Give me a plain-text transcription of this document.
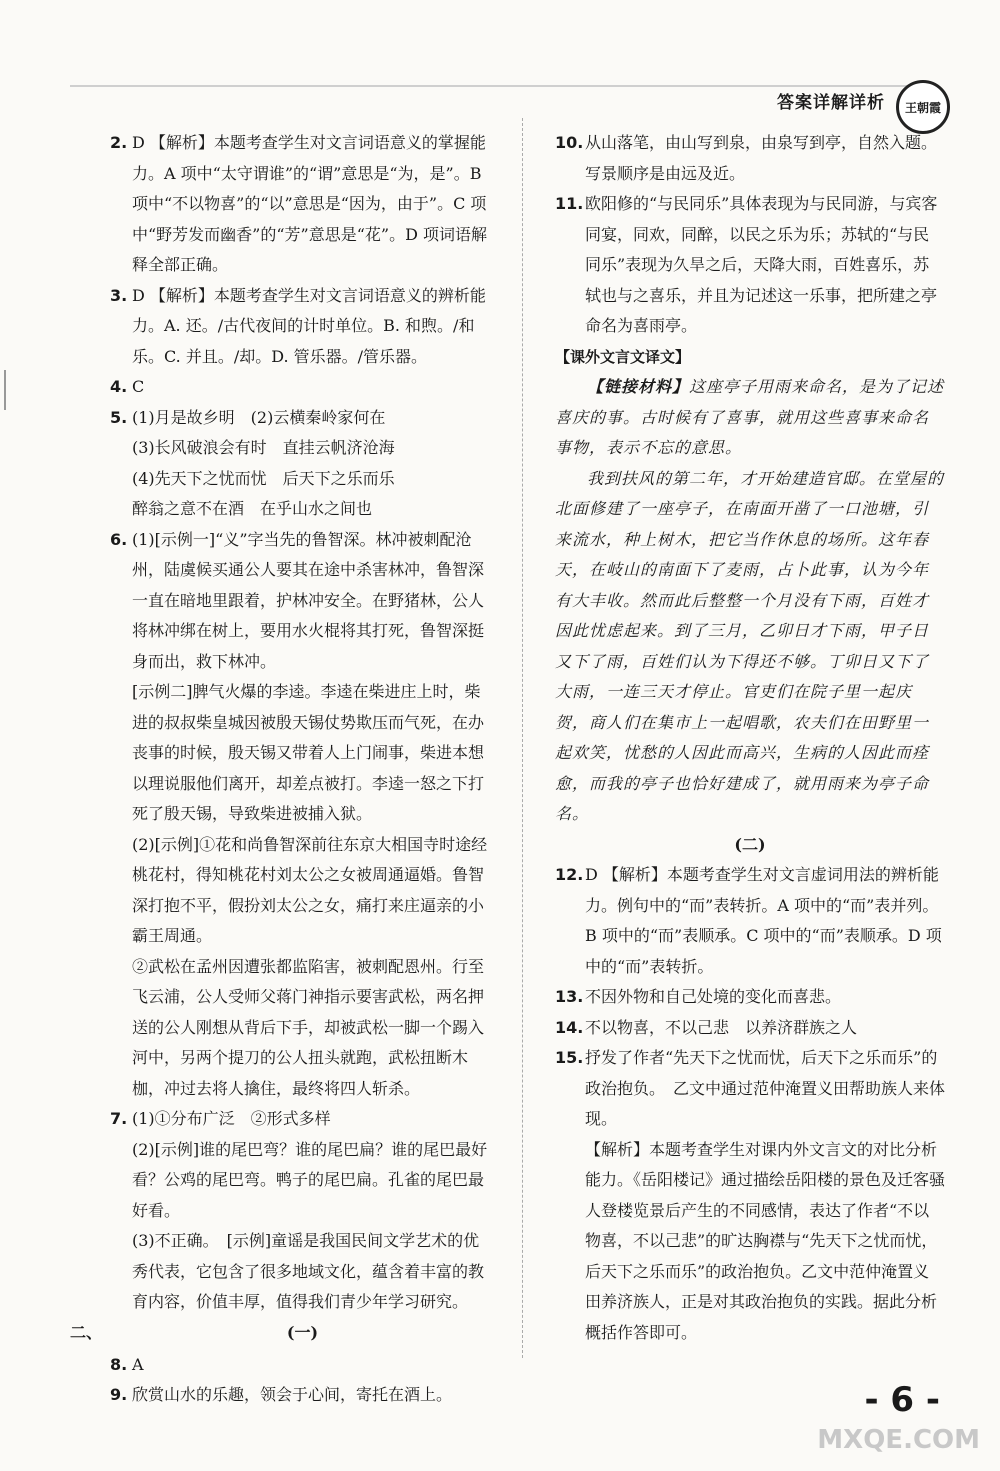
答案详解详析	王朝霞
2. D 【解析】本题考查学生对文言词语意义的掌握能力。A 项中“太守谓谁”的“谓”意思是“为，是”。B 项中“不以物喜”的“以”意思是“因为，由于”。C 项中“野芳发而幽香”的“芳”意思是“花”。D 项词语解释全部正确。
3. D 【解析】本题考查学生对文言词语意义的辨析能力。A. 还。/古代夜间的计时单位。B. 和煦。/和乐。C. 并且。/却。D. 管乐器。/管乐器。
4. C
5. (1)月是故乡明　(2)云横秦岭家何在
(3)长风破浪会有时　直挂云帆济沧海
(4)先天下之忧而忧　后天下之乐而乐
醉翁之意不在酒　在乎山水之间也
6. (1)[示例一]“义”字当先的鲁智深。林冲被刺配沧州，陆虞候买通公人要其在途中杀害林冲，鲁智深一直在暗地里跟着，护林冲安全。在野猪林，公人将林冲绑在树上，要用水火棍将其打死，鲁智深挺身而出，救下林冲。
[示例二]脾气火爆的李逵。李逵在柴进庄上时，柴进的叔叔柴皇城因被殷天锡仗势欺压而气死，在办丧事的时候，殷天锡又带着人上门闹事，柴进本想以理说服他们离开，却差点被打。李逵一怒之下打死了殷天锡，导致柴进被捕入狱。
(2)[示例]①花和尚鲁智深前往东京大相国寺时途经桃花村，得知桃花村刘太公之女被周通逼婚。鲁智深打抱不平，假扮刘太公之女，痛打来庄逼亲的小霸王周通。
②武松在孟州因遭张都监陷害，被刺配恩州。行至飞云浦，公人受师父蒋门神指示要害武松，两名押送的公人刚想从背后下手，却被武松一脚一个踢入河中，另两个提刀的公人扭头就跑，武松扭断木枷，冲过去将人擒住，最终将四人斩杀。
7. (1)①分布广泛　②形式多样
(2)[示例]谁的尾巴弯？谁的尾巴扁？谁的尾巴最好看？公鸡的尾巴弯。鸭子的尾巴扁。孔雀的尾巴最好看。
(3)不正确。　[示例]童谣是我国民间文学艺术的优秀代表，它包含了很多地域文化，蕴含着丰富的教育内容，价值丰厚，值得我们青少年学习研究。
二、	(一)
8. A
9. 欣赏山水的乐趣，领会于心间，寄托在酒上。
10. 从山落笔，由山写到泉，由泉写到亭，自然入题。写景顺序是由远及近。
11. 欧阳修的“与民同乐”具体表现为与民同游，与宾客同宴，同欢，同醉，以民之乐为乐；苏轼的“与民同乐”表现为久旱之后，天降大雨，百姓喜乐，苏轼也与之喜乐，并且为记述这一乐事，把所建之亭命名为喜雨亭。
【课外文言文译文】
【链接材料】这座亭子用雨来命名，是为了记述喜庆的事。古时候有了喜事，就用这些喜事来命名事物，表示不忘的意思。
我到扶风的第二年，才开始建造官邸。在堂屋的北面修建了一座亭子，在南面开凿了一口池塘，引来流水，种上树木，把它当作休息的场所。这年春天，在岐山的南面下了麦雨，占卜此事，认为今年有大丰收。然而此后整整一个月没有下雨，百姓才因此忧虑起来。到了三月，乙卯日才下雨，甲子日又下了雨，百姓们认为下得还不够。丁卯日又下了大雨，一连三天才停止。官吏们在院子里一起庆贺，商人们在集市上一起唱歌，农夫们在田野里一起欢笑，忧愁的人因此而高兴，生病的人因此而痊愈，而我的亭子也恰好建成了，就用雨来为亭子命名。
(二)
12. D 【解析】本题考查学生对文言虚词用法的辨析能力。例句中的“而”表转折。A 项中的“而”表并列。B 项中的“而”表顺承。C 项中的“而”表顺承。D 项中的“而”表转折。
13. 不因外物和自己处境的变化而喜悲。
14. 不以物喜，不以己悲　以养济群族之人
15. 抒发了作者“先天下之忧而忧，后天下之乐而乐”的政治抱负。　乙文中通过范仲淹置义田帮助族人来体现。
【解析】本题考查学生对课内外文言文的对比分析能力。《岳阳楼记》通过描绘岳阳楼的景色及迁客骚人登楼览景后产生的不同感情，表达了作者“不以物喜，不以己悲”的旷达胸襟与“先天下之忧而忧，后天下之乐而乐”的政治抱负。乙文中范仲淹置义田养济族人，正是对其政治抱负的实践。据此分析概括作答即可。
- 6 -
MXQE.COM
